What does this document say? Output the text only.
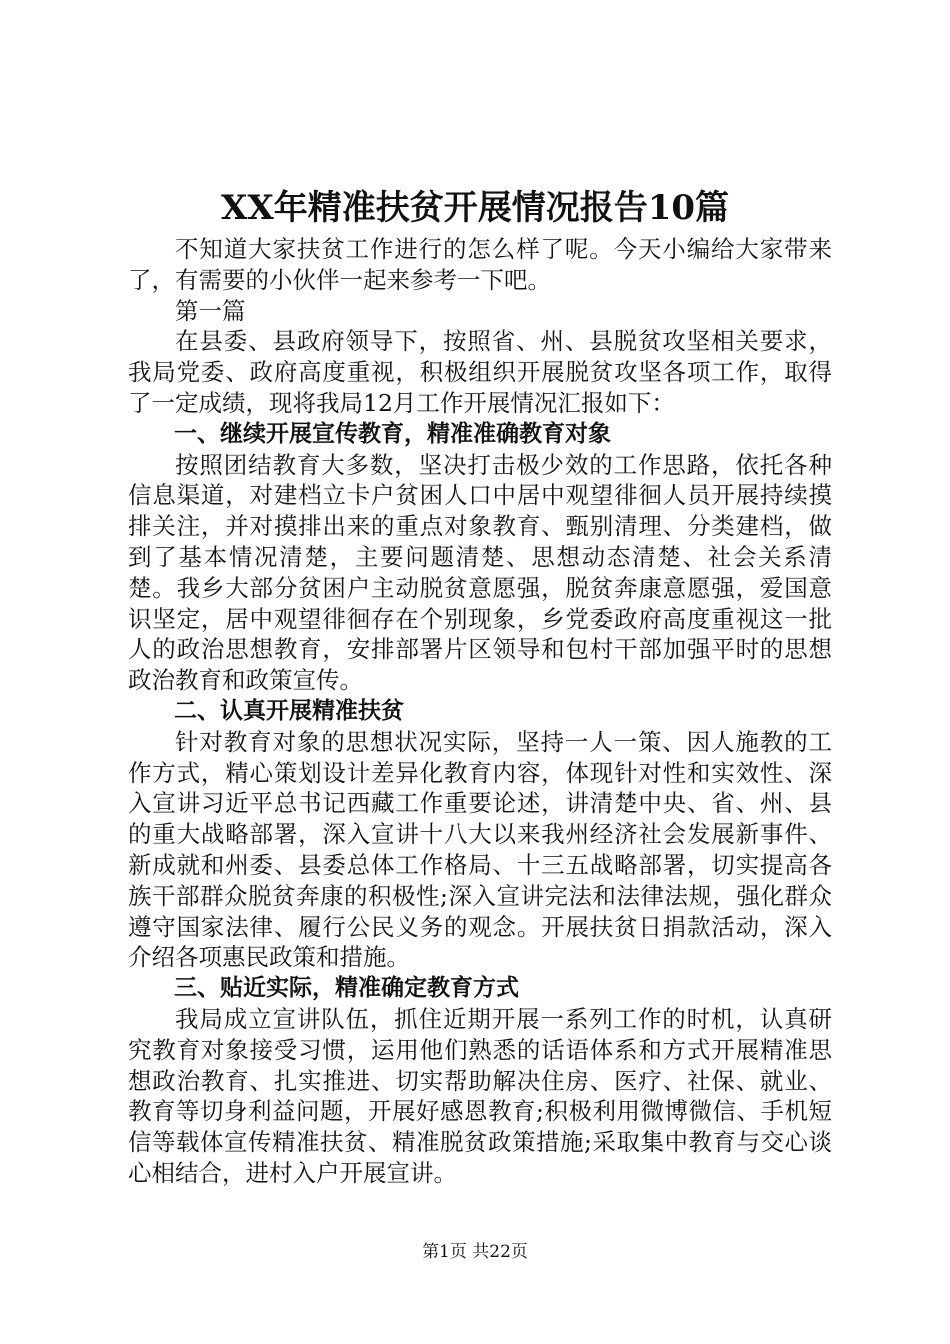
XX年精准扶贫开展情况报告10篇

不知道大家扶贫工作进行的怎么样了呢。今天小编给大家带来了，有需要的小伙伴一起来参考一下吧。

第一篇

在县委、县政府领导下，按照省、州、县脱贫攻坚相关要求，我局党委、政府高度重视，积极组织开展脱贫攻坚各项工作，取得了一定成绩，现将我局12月工作开展情况汇报如下：

一、继续开展宣传教育，精准准确教育对象

按照团结教育大多数，坚决打击极少效的工作思路，依托各种信息渠道，对建档立卡户贫困人口中居中观望徘徊人员开展持续摸排关注，并对摸排出来的重点对象教育、甄别清理、分类建档，做到了基本情况清楚，主要问题清楚、思想动态清楚、社会关系清楚。我乡大部分贫困户主动脱贫意愿强，脱贫奔康意愿强，爱国意识坚定，居中观望徘徊存在个别现象，乡党委政府高度重视这一批人的政治思想教育，安排部署片区领导和包村干部加强平时的思想政治教育和政策宣传。

二、认真开展精准扶贫

针对教育对象的思想状况实际，坚持一人一策、因人施教的工作方式，精心策划设计差异化教育内容，体现针对性和实效性、深入宣讲习近平总书记西藏工作重要论述，讲清楚中央、省、州、县的重大战略部署，深入宣讲十八大以来我州经济社会发展新事件、新成就和州委、县委总体工作格局、十三五战略部署，切实提高各族干部群众脱贫奔康的积极性;深入宣讲完法和法律法规，强化群众遵守国家法律、履行公民义务的观念。开展扶贫日捐款活动，深入介绍各项惠民政策和措施。

三、贴近实际，精准确定教育方式

我局成立宣讲队伍，抓住近期开展一系列工作的时机，认真研究教育对象接受习惯，运用他们熟悉的话语体系和方式开展精准思想政治教育、扎实推进、切实帮助解决住房、医疗、社保、就业、教育等切身利益问题，开展好感恩教育;积极利用微博微信、手机短信等载体宣传精准扶贫、精准脱贫政策措施;采取集中教育与交心谈心相结合，进村入户开展宣讲。

第1页 共22页
